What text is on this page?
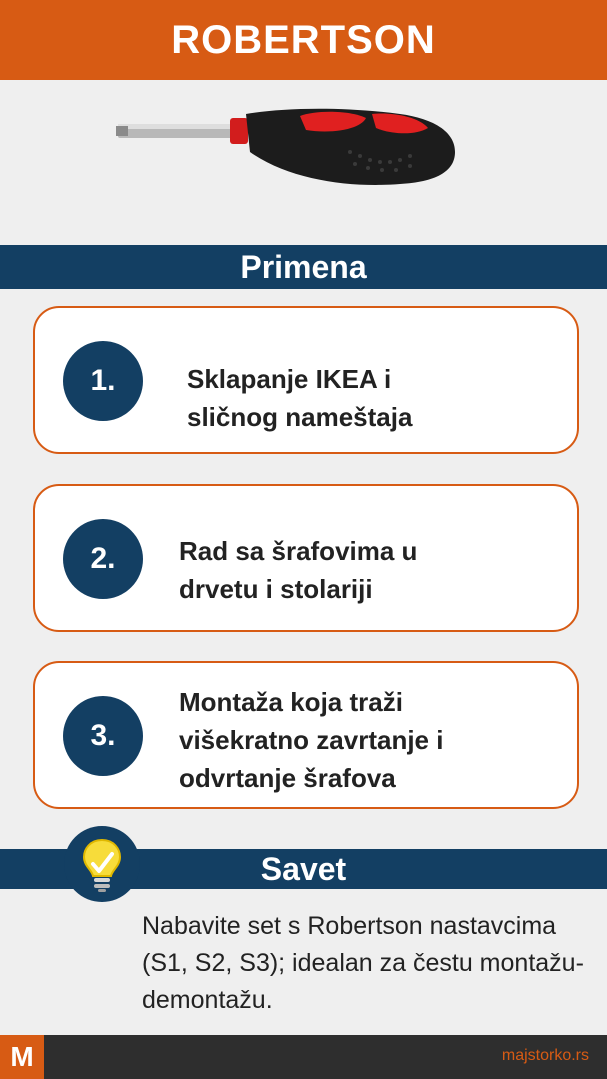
ROBERTSON
Primena
1.	Sklapanje IKEA i
sličnog nameštaja
2.	Rad sa šrafovima u
drvetu i stolariji
3.
Montaža koja traži
višekratno zavrtanje i
odvrtanje šrafova
Savet
Nabavite set s Robertson nastavcima
(S1, S2, S3); idealan za čestu montažu-
demontažu.
M	majstorko.rs
